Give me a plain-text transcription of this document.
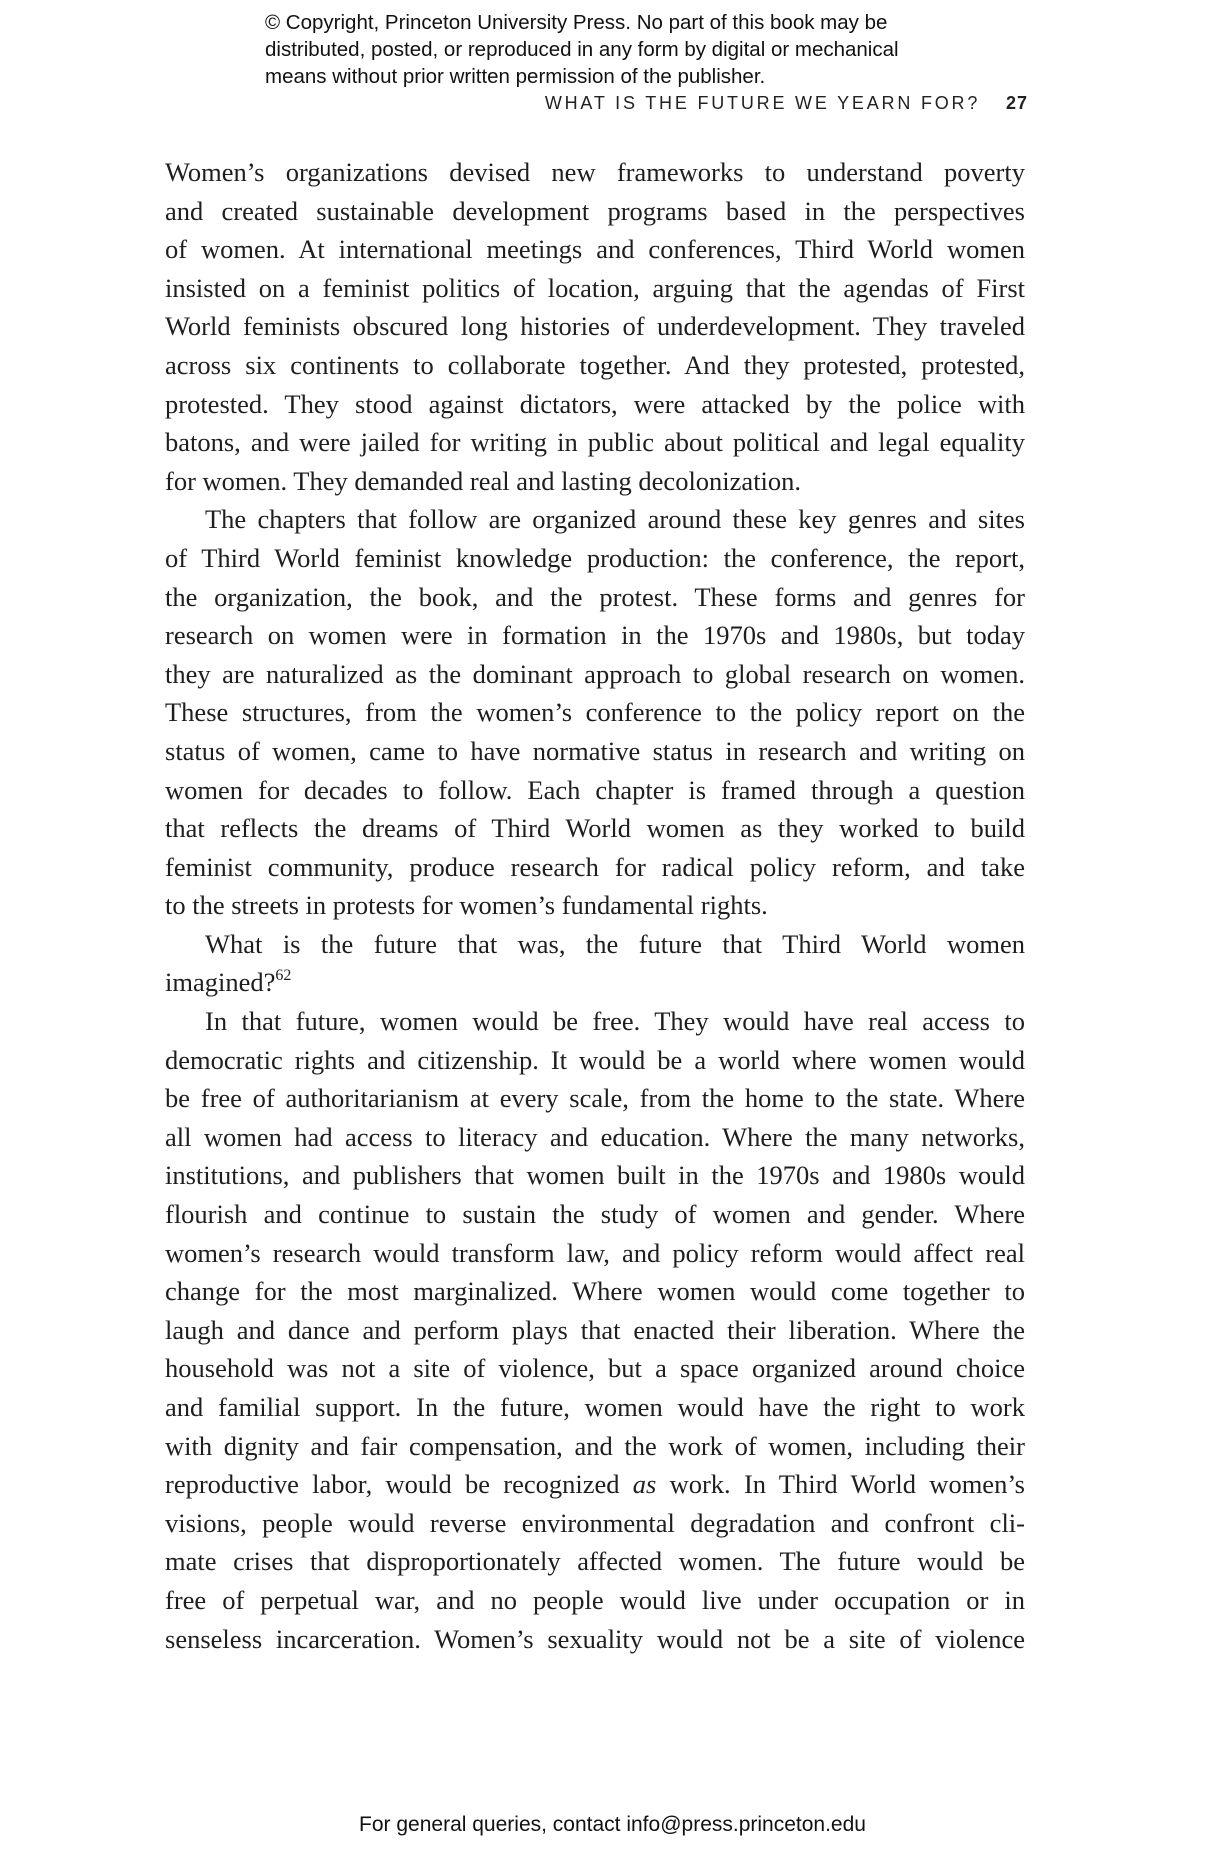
© Copyright, Princeton University Press. No part of this book may be
distributed, posted, or reproduced in any form by digital or mechanical
means without prior written permission of the publisher.
WHAT IS THE FUTURE WE YEARN FOR? 27
Women’s organizations devised new frameworks to understand poverty
and created sustainable development programs based in the perspectives
of women. At international meetings and conferences, Third World women
insisted on a feminist politics of location, arguing that the agendas of First
World feminists obscured long histories of underdevelopment. They traveled
across six continents to collaborate together. And they protested, protested,
protested. They stood against dictators, were attacked by the police with
batons, and were jailed for writing in public about political and legal equality
for women. They demanded real and lasting decolonization.
The chapters that follow are organized around these key genres and sites
of Third World feminist knowledge production: the conference, the report,
the organization, the book, and the protest. These forms and genres for
research on women were in formation in the 1970s and 1980s, but today
they are naturalized as the dominant approach to global research on women.
These structures, from the women’s conference to the policy report on the
status of women, came to have normative status in research and writing on
women for decades to follow. Each chapter is framed through a question
that reflects the dreams of Third World women as they worked to build
feminist community, produce research for radical policy reform, and take
to the streets in protests for women’s fundamental rights.
What is the future that was, the future that Third World women
imagined?$^{62}$
In that future, women would be free. They would have real access to
democratic rights and citizenship. It would be a world where women would
be free of authoritarianism at every scale, from the home to the state. Where
all women had access to literacy and education. Where the many networks,
institutions, and publishers that women built in the 1970s and 1980s would
flourish and continue to sustain the study of women and gender. Where
women’s research would transform law, and policy reform would affect real
change for the most marginalized. Where women would come together to
laugh and dance and perform plays that enacted their liberation. Where the
household was not a site of violence, but a space organized around choice
and familial support. In the future, women would have the right to work
with dignity and fair compensation, and the work of women, including their
reproductive labor, would be recognized as work. In Third World women’s
visions, people would reverse environmental degradation and confront cli-
mate crises that disproportionately affected women. The future would be
free of perpetual war, and no people would live under occupation or in
senseless incarceration. Women’s sexuality would not be a site of violence
For general queries, contact info@press.princeton.edu
